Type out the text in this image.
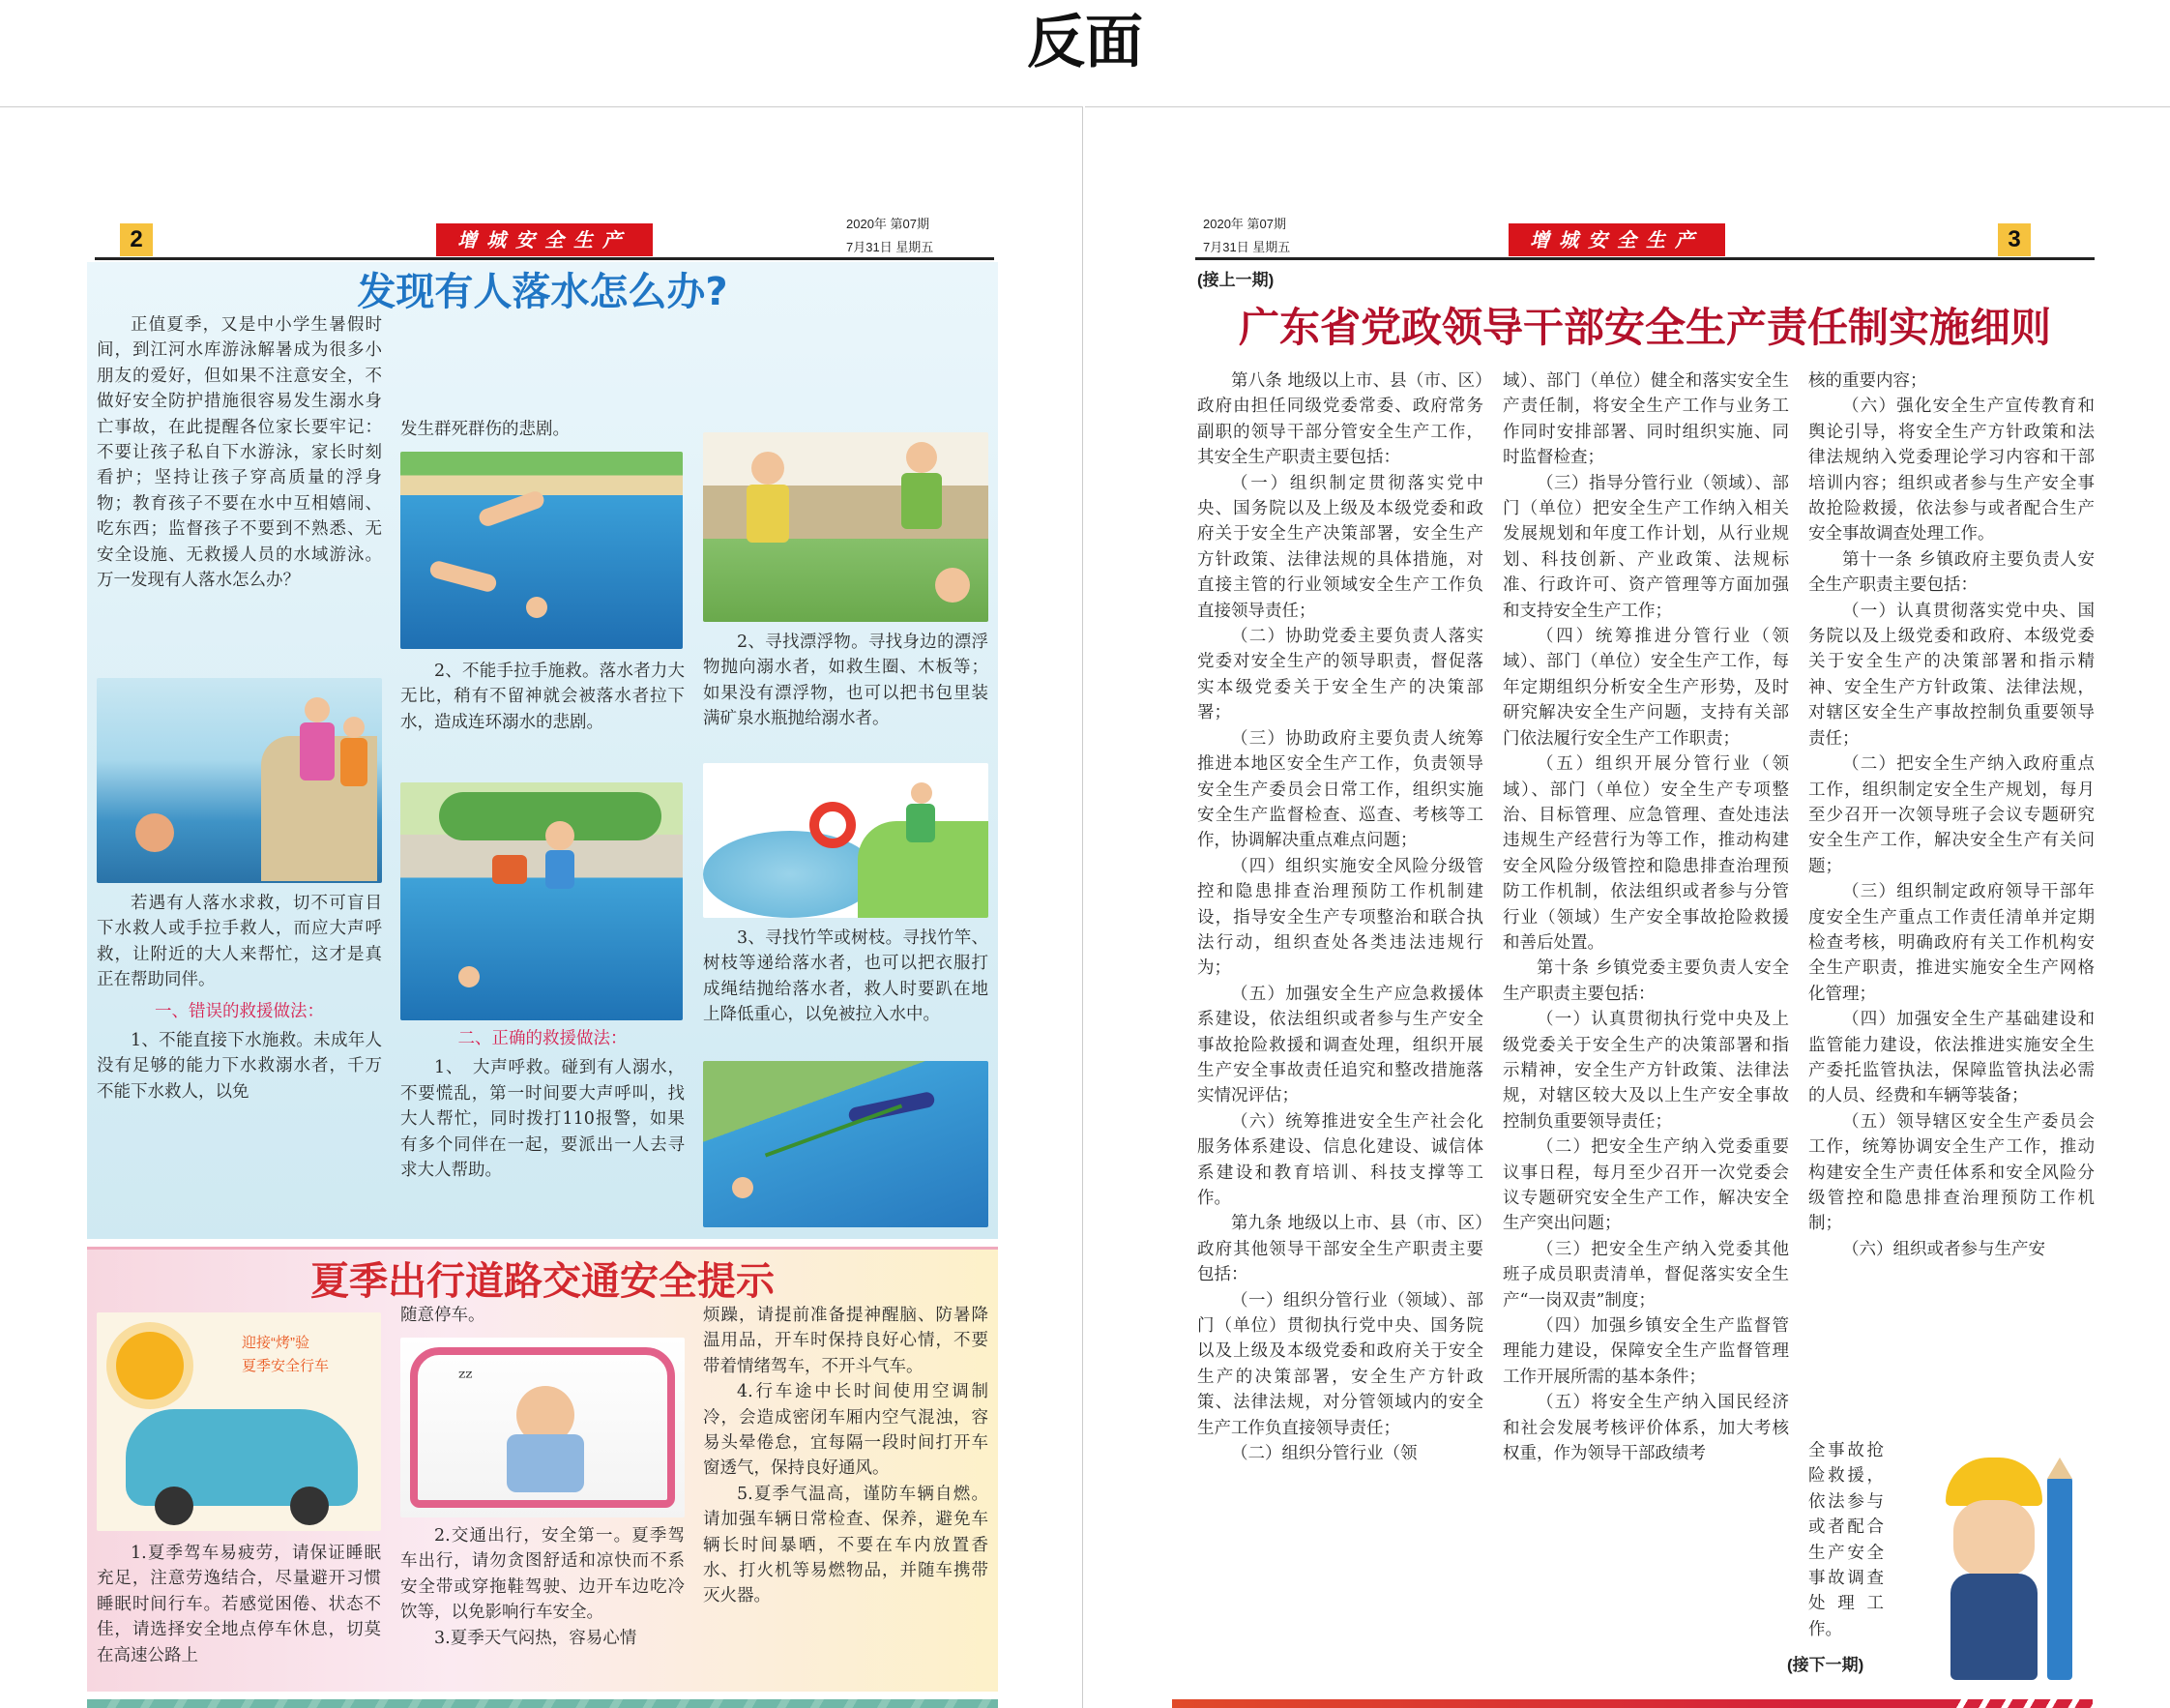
反面
2	增城安全生产
2020年 第07期
7月31日 星期五
发现有人落水怎么办?

正值夏季，又是中小学生暑假时间，到江河水库游泳解暑成为很多小朋友的爱好，但如果不注意安全，不做好安全防护措施很容易发生溺水身亡事故，在此提醒各位家长要牢记：不要让孩子私自下水游泳，家长时刻看护；坚持让孩子穿高质量的浮身物；教育孩子不要在水中互相嬉闹、吃东西；监督孩子不要到不熟悉、无安全设施、无救援人员的水域游泳。万一发现有人落水怎么办？

若遇有人落水求救，切不可盲目下水救人或手拉手救人，而应大声呼救，让附近的大人来帮忙，这才是真正在帮助同伴。

一、错误的救援做法：

1、不能直接下水施救。未成年人没有足够的能力下水救溺水者，千万不能下水救人，以免

发生群死群伤的悲剧。

2、不能手拉手施救。落水者力大无比，稍有不留神就会被落水者拉下水，造成连环溺水的悲剧。

二、正确的救援做法：

1、　大声呼救。碰到有人溺水，不要慌乱，第一时间要大声呼叫，找大人帮忙，同时拨打110报警，如果有多个同伴在一起，要派出一人去寻求大人帮助。

2、寻找漂浮物。寻找身边的漂浮物抛向溺水者，如救生圈、木板等；如果没有漂浮物，也可以把书包里装满矿泉水瓶抛给溺水者。

3、寻找竹竿或树枝。寻找竹竿、树枝等递给落水者，也可以把衣服打成绳结抛给落水者，救人时要趴在地上降低重心，以免被拉入水中。

夏季出行道路交通安全提示
迎接“烤”验
夏季安全行车

1.夏季驾车易疲劳，请保证睡眠充足，注意劳逸结合，尽量避开习惯睡眠时间行车。若感觉困倦、状态不佳，请选择安全地点停车休息，切莫在高速公路上

随意停车。

ᶻᶻ

2.交通出行，安全第一。夏季驾车出行，请勿贪图舒适和凉快而不系安全带或穿拖鞋驾驶、边开车边吃冷饮等，以免影响行车安全。

3.夏季天气闷热，容易心情

烦躁，请提前准备提神醒脑、防暑降温用品，开车时保持良好心情，不要带着情绪驾车，不开斗气车。

4.行车途中长时间使用空调制冷，会造成密闭车厢内空气混浊，容易头晕倦怠，宜每隔一段时间打开车窗透气，保持良好通风。

5.夏季气温高，谨防车辆自燃。请加强车辆日常检查、保养，避免车辆长时间暴晒，不要在车内放置香水、打火机等易燃物品，并随车携带灭火器。

2020年 第07期
7月31日 星期五	增城安全生产	3
(接上一期)
广东省党政领导干部安全生产责任制实施细则

第八条 地级以上市、县（市、区）政府由担任同级党委常委、政府常务副职的领导干部分管安全生产工作，其安全生产职责主要包括：

（一）组织制定贯彻落实党中央、国务院以及上级及本级党委和政府关于安全生产决策部署，安全生产方针政策、法律法规的具体措施，对直接主管的行业领域安全生产工作负直接领导责任；

（二）协助党委主要负责人落实党委对安全生产的领导职责，督促落实本级党委关于安全生产的决策部署；

（三）协助政府主要负责人统筹推进本地区安全生产工作，负责领导安全生产委员会日常工作，组织实施安全生产监督检查、巡查、考核等工作，协调解决重点难点问题；

（四）组织实施安全风险分级管控和隐患排查治理预防工作机制建设，指导安全生产专项整治和联合执法行动，组织查处各类违法违规行为；

（五）加强安全生产应急救援体系建设，依法组织或者参与生产安全事故抢险救援和调查处理，组织开展生产安全事故责任追究和整改措施落实情况评估；

（六）统筹推进安全生产社会化服务体系建设、信息化建设、诚信体系建设和教育培训、科技支撑等工作。

第九条 地级以上市、县（市、区）政府其他领导干部安全生产职责主要包括：

（一）组织分管行业（领域）、部门（单位）贯彻执行党中央、国务院以及上级及本级党委和政府关于安全生产的决策部署，安全生产方针政策、法律法规，对分管领域内的安全生产工作负直接领导责任；

（二）组织分管行业（领

域）、部门（单位）健全和落实安全生产责任制，将安全生产工作与业务工作同时安排部署、同时组织实施、同时监督检查；

（三）指导分管行业（领域）、部门（单位）把安全生产工作纳入相关发展规划和年度工作计划，从行业规划、科技创新、产业政策、法规标准、行政许可、资产管理等方面加强和支持安全生产工作；

（四）统筹推进分管行业（领域）、部门（单位）安全生产工作，每年定期组织分析安全生产形势，及时研究解决安全生产问题，支持有关部门依法履行安全生产工作职责；

（五）组织开展分管行业（领域）、部门（单位）安全生产专项整治、目标管理、应急管理、查处违法违规生产经营行为等工作，推动构建安全风险分级管控和隐患排查治理预防工作机制，依法组织或者参与分管行业（领域）生产安全事故抢险救援和善后处置。

第十条 乡镇党委主要负责人安全生产职责主要包括：

（一）认真贯彻执行党中央及上级党委关于安全生产的决策部署和指示精神，安全生产方针政策、法律法规，对辖区较大及以上生产安全事故控制负重要领导责任；

（二）把安全生产纳入党委重要议事日程，每月至少召开一次党委会议专题研究安全生产工作，解决安全生产突出问题；

（三）把安全生产纳入党委其他班子成员职责清单，督促落实安全生产“一岗双责”制度；

（四）加强乡镇安全生产监督管理能力建设，保障安全生产监督管理工作开展所需的基本条件；

（五）将安全生产纳入国民经济和社会发展考核评价体系，加大考核权重，作为领导干部政绩考

核的重要内容；

（六）强化安全生产宣传教育和舆论引导，将安全生产方针政策和法律法规纳入党委理论学习内容和干部培训内容；组织或者参与生产安全事故抢险救援，依法参与或者配合生产安全事故调查处理工作。

第十一条 乡镇政府主要负责人安全生产职责主要包括：

（一）认真贯彻落实党中央、国务院以及上级党委和政府、本级党委关于安全生产的决策部署和指示精神、安全生产方针政策、法律法规，对辖区安全生产事故控制负重要领导责任；

（二）把安全生产纳入政府重点工作，组织制定安全生产规划，每月至少召开一次领导班子会议专题研究安全生产工作，解决安全生产有关问题；

（三）组织制定政府领导干部年度安全生产重点工作责任清单并定期检查考核，明确政府有关工作机构安全生产职责，推进实施安全生产网格化管理；

（四）加强安全生产基础建设和监管能力建设，依法推进实施安全生产委托监管执法，保障监管执法必需的人员、经费和车辆等装备；

（五）领导辖区安全生产委员会工作，统筹协调安全生产工作，推动构建安全生产责任体系和安全风险分级管控和隐患排查治理预防工作机制；

（六）组织或者参与生产安

全事故抢险救援，依法参与或者配合生产安全事故调查处理工作。

(接下一期)
